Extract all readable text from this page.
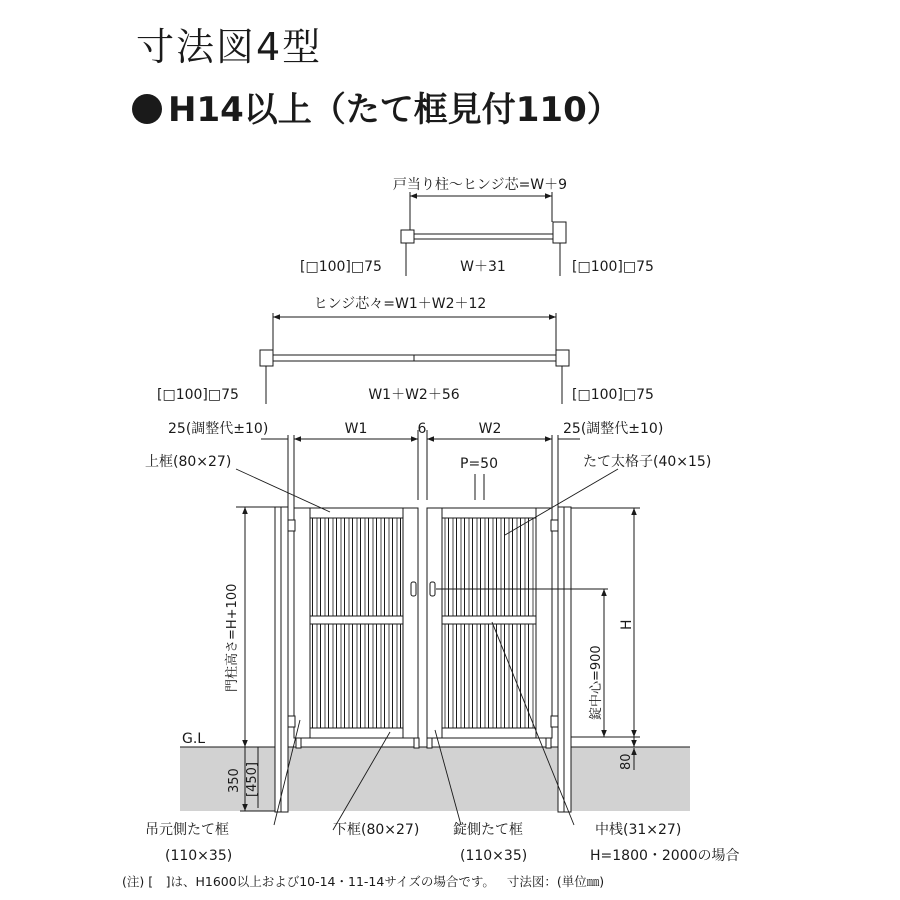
寸法図4型
H14以上（たて框見付110）
戸当り柱～ヒンジ芯=W＋9
[□100]□75	W＋31	[□100]□75
ヒンジ芯々=W1＋W2＋12
[□100]□75	W1＋W2＋56	[□100]□75
25(調整代±10)	W1	6	W2	25(調整代±10)
P=50
門柱高さ=H+100
350 [450]
G.L
H
錠中心=900
80
上框(80×27)	たて太格子(40×15)
吊元側たて框
(110×35)
下框(80×27) 錠側たて框
(110×35)
中桟(31×27)
H=1800・2000の場合
(注) [　]は、H1600以上および10-14・11-14サイズの場合です。 寸法図：(単位㎜)
